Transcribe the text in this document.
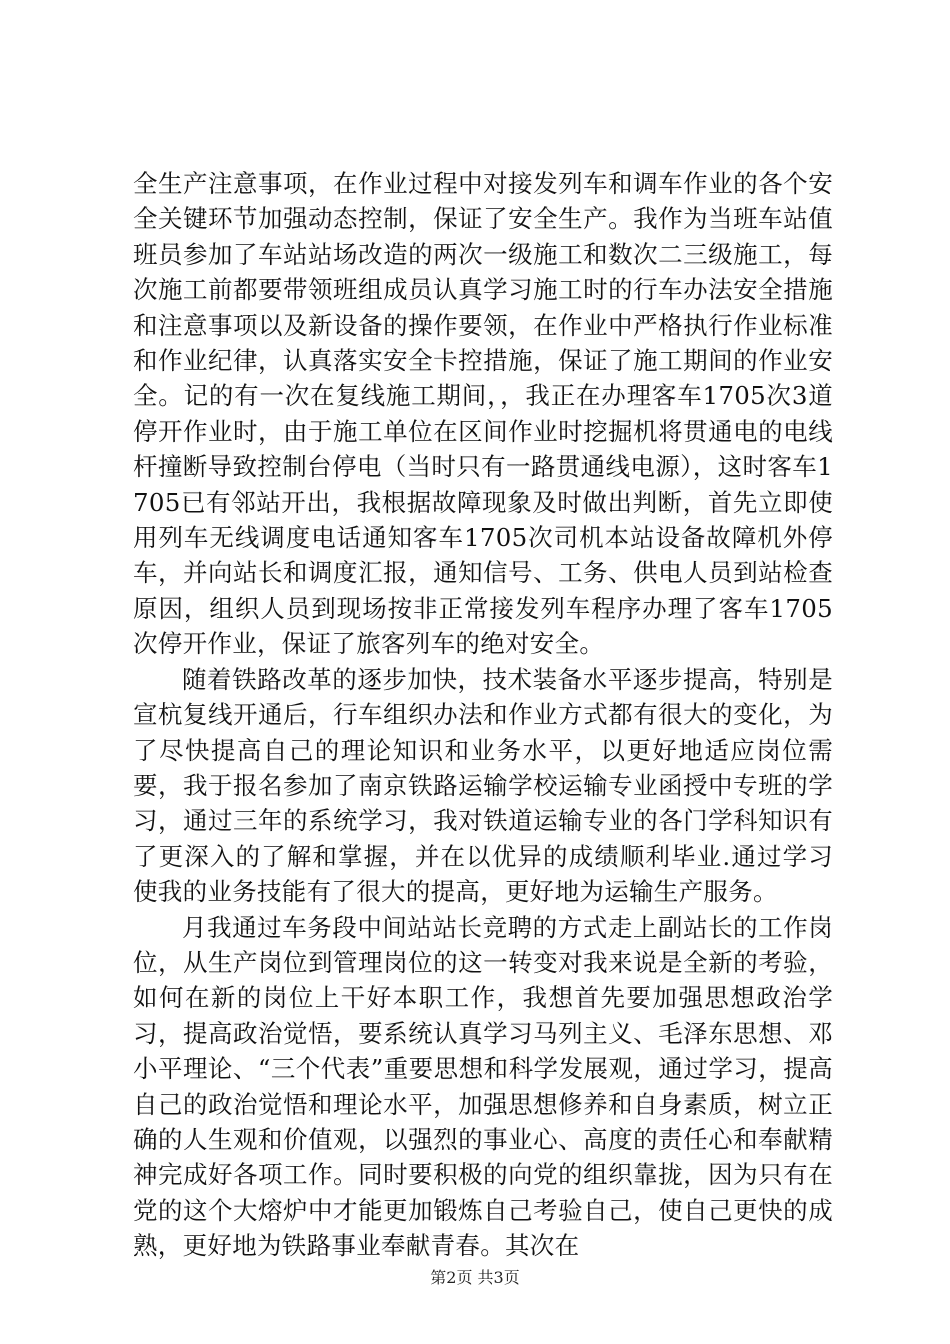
全生产注意事项，在作业过程中对接发列车和调车作业的各个安全关键环节加强动态控制，保证了安全生产。我作为当班车站值班员参加了车站站场改造的两次一级施工和数次二三级施工，每次施工前都要带领班组成员认真学习施工时的行车办法安全措施和注意事项以及新设备的操作要领，在作业中严格执行作业标准和作业纪律，认真落实安全卡控措施，保证了施工期间的作业安全。记的有一次在复线施工期间，，我正在办理客车1705次3道停开作业时，由于施工单位在区间作业时挖掘机将贯通电的电线杆撞断导致控制台停电（当时只有一路贯通线电源），这时客车1705已有邻站开出，我根据故障现象及时做出判断，首先立即使用列车无线调度电话通知客车1705次司机本站设备故障机外停车，并向站长和调度汇报，通知信号、工务、供电人员到站检查原因，组织人员到现场按非正常接发列车程序办理了客车1705次停开作业，保证了旅客列车的绝对安全。

随着铁路改革的逐步加快，技术装备水平逐步提高，特别是宣杭复线开通后，行车组织办法和作业方式都有很大的变化，为了尽快提高自己的理论知识和业务水平，以更好地适应岗位需要，我于报名参加了南京铁路运输学校运输专业函授中专班的学习，通过三年的系统学习，我对铁道运输专业的各门学科知识有了更深入的了解和掌握，并在以优异的成绩顺利毕业.通过学习使我的业务技能有了很大的提高，更好地为运输生产服务。

月我通过车务段中间站站长竞聘的方式走上副站长的工作岗位，从生产岗位到管理岗位的这一转变对我来说是全新的考验，如何在新的岗位上干好本职工作，我想首先要加强思想政治学习，提高政治觉悟，要系统认真学习马列主义、毛泽东思想、邓小平理论、“三个代表”重要思想和科学发展观，通过学习，提高自己的政治觉悟和理论水平，加强思想修养和自身素质，树立正确的人生观和价值观，以强烈的事业心、高度的责任心和奉献精神完成好各项工作。同时要积极的向党的组织靠拢，因为只有在党的这个大熔炉中才能更加锻炼自己考验自己，使自己更快的成熟，更好地为铁路事业奉献青春。其次在

第2页 共3页
